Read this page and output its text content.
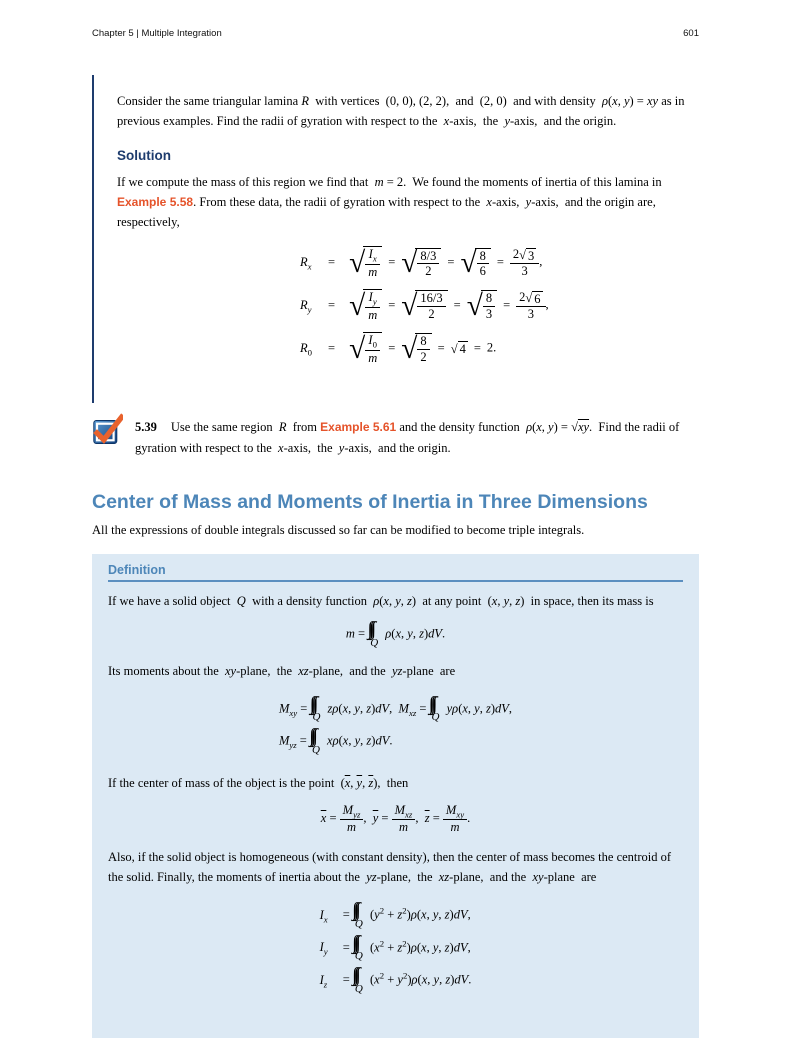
Chapter 5 | Multiple Integration	601

Consider the same triangular lamina R  with vertices  (0, 0), (2, 2),  and  (2, 0)  and with density  ρ(x, y) = xy as in previous examples. Find the radii of gyration with respect to the  x-axis,  the  y-axis,  and the origin.

Solution

If we compute the mass of this region we find that  m = 2.  We found the moments of inertia of this lamina in Example 5.58. From these data, the radii of gyration with respect to the  x-axis,  y-axis,  and the origin are, respectively,

$R_x$ = √ $\frac{I_x}{m}$ = √ $\frac{8/3}{2}$ = √ $\frac{8}{6} = \frac{2 √ 3}{3}$ ,
$R_y$ = √ $\frac{I_y}{m}$ = √ $\frac{16/3}{2}$ = √ $\frac{8}{3} = \frac{2 √ 6}{3}$ ,
$R_0$ = √ $\frac{I_0}{m}$ = √ $\frac{8}{2}$ = √ 4 = 2.

5.39 Use the same region  R  from Example 5.61 and the density function  ρ(x, y) = √xy.  Find the radii of gyration with respect to the  x-axis,  the  y-axis,  and the origin.

Center of Mass and Moments of Inertia in Three Dimensions

All the expressions of double integrals discussed so far can be modified to become triple integrals.

Definition

If we have a solid object  Q  with a density function  ρ(x, y, z)  at any point  (x, y, z)  in space, then its mass is

m =
Q
ρ(x, y, z)dV.

Its moments about the  xy-plane,  the  xz-plane,  and the  yz-plane  are

$M_{xy}$ =
Q
zρ(x, y, z)dV,  $M_{xz}$ =
Q
yρ(x, y, z)dV,
$M_{yz}$ =
Q
xρ(x, y, z)dV.

If the center of mass of the object is the point  ($\overline{x}$, $\overline{y}$, $\overline{z}$),  then

$\overline{x}$ =
$M_{yz}$
m
,  $\overline{y}$ =
$M_{xz}$
m
,  $\overline{z}$ =
$M_{xy}$
m
.

Also, if the solid object is homogeneous (with constant density), then the center of mass becomes the centroid of the solid. Finally, the moments of inertia about the  yz-plane,  the  xz-plane,  and the  xy-plane  are

$I_x$ =
Q
$(y^2 + z^2)\rho(x$, y, z)dV,
$I_y$ =
Q
$(x^2 + z^2)\rho(x$, y, z)dV,
$I_z$ =
Q
$(x^2 + y^2)\rho(x$, y, z)dV.
